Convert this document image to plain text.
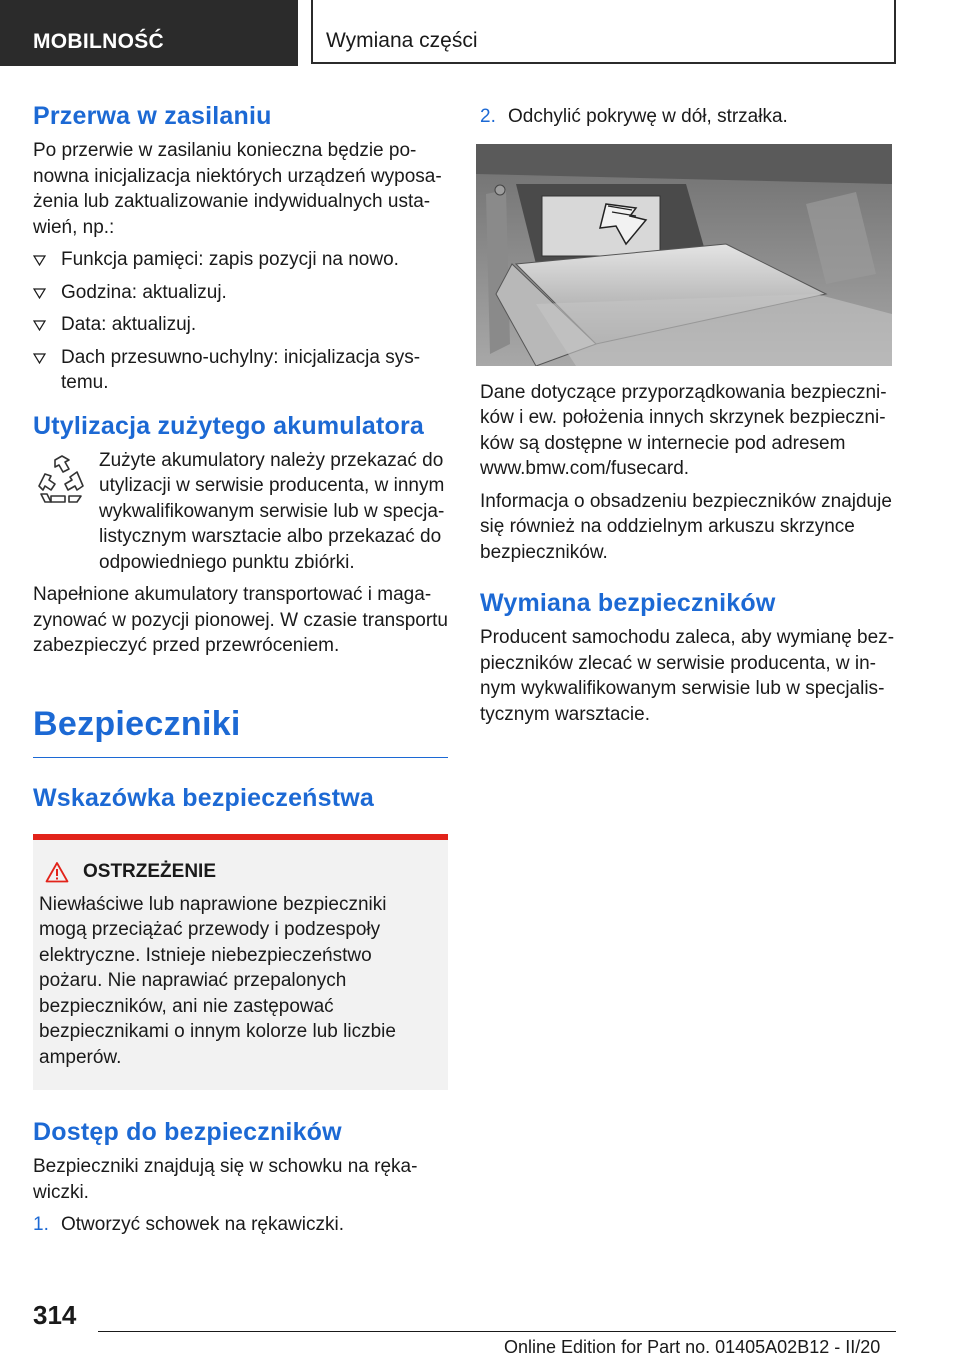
MOBILNOŚĆ	Wymiana części
Przerwa w zasilaniu

Po przerwie w zasilaniu konieczna będzie ponowna inicjalizacja niektórych urządzeń wyposażenia lub zaktualizowanie indywidualnych ustawień, np.:

Funkcja pamięci: zapis pozycji na nowo.
Godzina: aktualizuj.
Data: aktualizuj.
Dach przesuwno-uchylny: inicjalizacja systemu.
Utylizacja zużytego akumulatora

Zużyte akumulatory należy przekazać do utylizacji w serwisie producenta, w innym wykwalifikowanym serwisie lub w specjalistycznym warsztacie albo przekazać do odpowiedniego punktu zbiórki.

Napełnione akumulatory transportować i magazynować w pozycji pionowej. W czasie transportu zabezpieczyć przed przewróceniem.

Bezpieczniki
Wskazówka bezpieczeństwa
OSTRZEŻENIE

Niewłaściwe lub naprawione bezpieczniki mogą przeciążać przewody i podzespoły elektryczne. Istnieje niebezpieczeństwo pożaru. Nie naprawiać przepalonych bezpieczników, ani nie zastępować bezpiecznikami o innym kolorze lub liczbie amperów.

Dostęp do bezpieczników

Bezpieczniki znajdują się w schowku na rękawiczki.

1. Otworzyć schowek na rękawiczki.
2. Odchylić pokrywę w dół, strzałka.

Dane dotyczące przyporządkowania bezpieczników i ew. położenia innych skrzynek bezpieczników są dostępne w internecie pod adresem www.bmw.com/fusecard.

Informacja o obsadzeniu bezpieczników znajduje się również na oddzielnym arkuszu skrzynce bezpieczników.

Wymiana bezpieczników

Producent samochodu zaleca, aby wymianę bezpieczników zlecać w serwisie producenta, w innym wykwalifikowanym serwisie lub w specjalistycznym warsztacie.

314
Online Edition for Part no. 01405A02B12 - II/20
